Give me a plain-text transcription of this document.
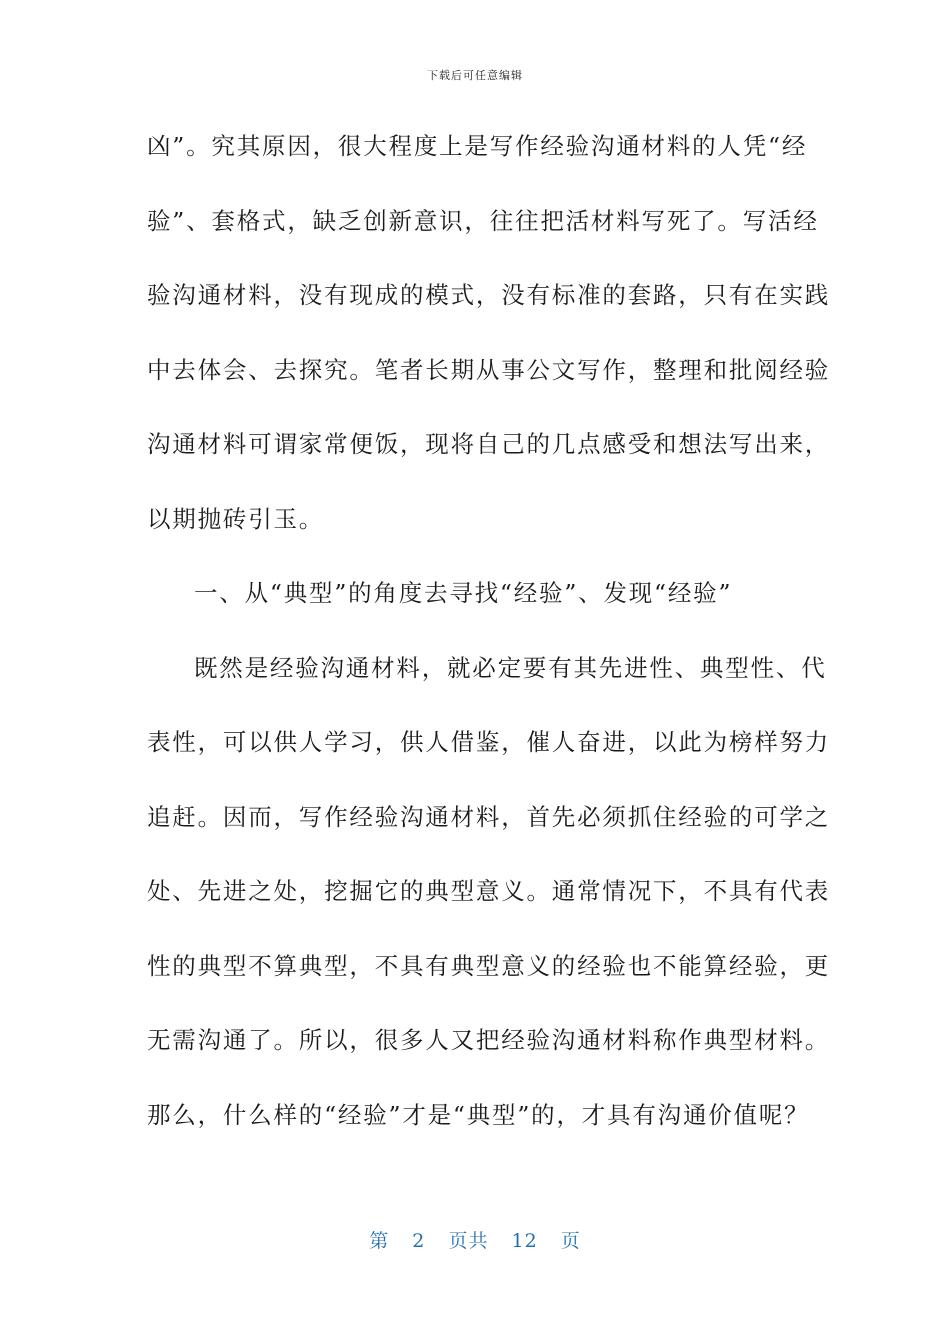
下载后可任意编辑
凶”。究其原因，很大程度上是写作经验沟通材料的人凭“经
验”、套格式，缺乏创新意识，往往把活材料写死了。写活经
验沟通材料，没有现成的模式，没有标准的套路，只有在实践
中去体会、去探究。笔者长期从事公文写作，整理和批阅经验
沟通材料可谓家常便饭，现将自己的几点感受和想法写出来，
以期抛砖引玉。
一、从“典型”的角度去寻找“经验”、发现“经验”
既然是经验沟通材料，就必定要有其先进性、典型性、代
表性，可以供人学习，供人借鉴，催人奋进，以此为榜样努力
追赶。因而，写作经验沟通材料，首先必须抓住经验的可学之
处、先进之处，挖掘它的典型意义。通常情况下，不具有代表
性的典型不算典型，不具有典型意义的经验也不能算经验，更
无需沟通了。所以，很多人又把经验沟通材料称作典型材料。
那么，什么样的“经验”才是“典型”的，才具有沟通价值呢？
第 2 页共 12 页
